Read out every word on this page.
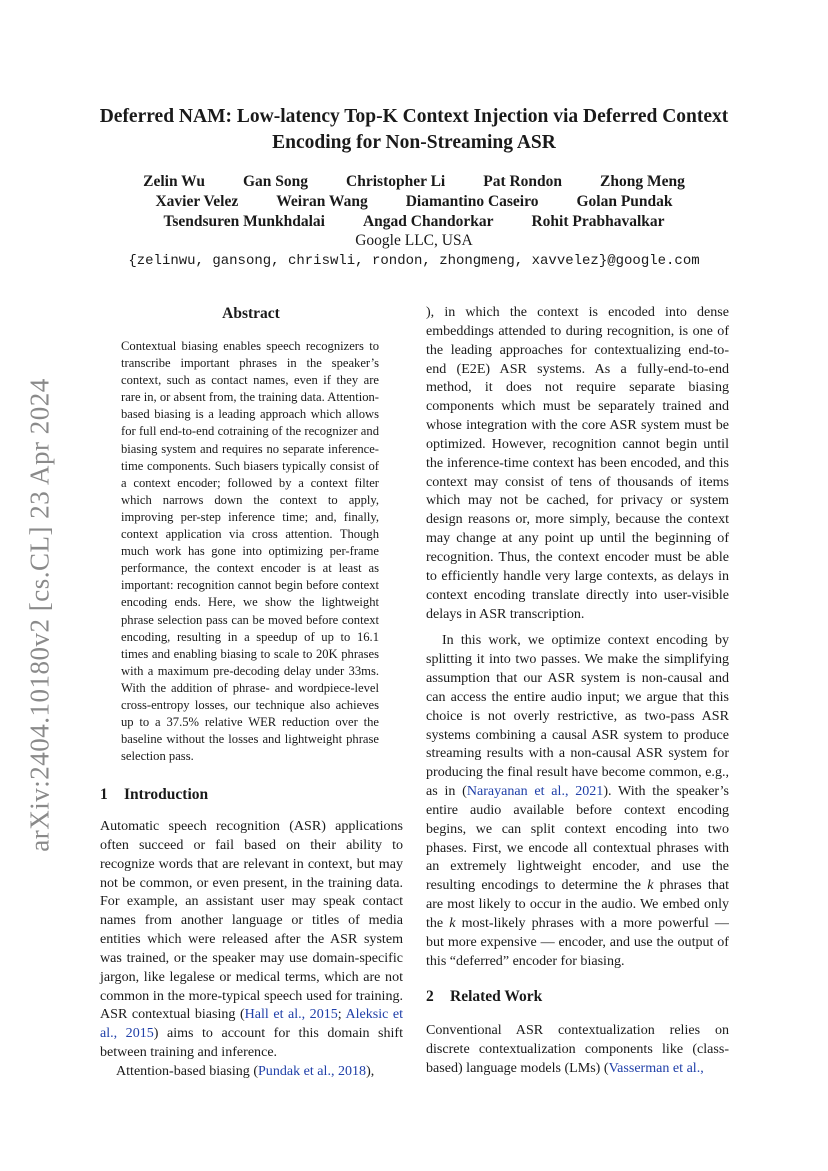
arXiv:2404.10180v2 [cs.CL] 23 Apr 2024
Deferred NAM: Low-latency Top-K Context Injection via Deferred Context
Encoding for Non-Streaming ASR
Zelin Wu Gan Song Christopher Li Pat Rondon Zhong Meng
Xavier Velez Weiran Wang Diamantino Caseiro Golan Pundak
Tsendsuren Munkhdalai Angad Chandorkar Rohit Prabhavalkar
Google LLC, USA
{zelinwu, gansong, chriswli, rondon, zhongmeng, xavvelez}@google.com
Abstract
Contextual biasing enables speech recognizers to transcribe important phrases in the speaker’s context, such as contact names, even if they are rare in, or absent from, the training data. Attention-based biasing is a leading approach which allows for full end-to-end cotraining of the recognizer and biasing system and requires no separate inference-time components. Such biasers typically consist of a context encoder; followed by a context filter which narrows down the context to apply, improving per-step inference time; and, finally, context application via cross attention. Though much work has gone into optimizing per-frame performance, the context encoder is at least as important: recognition cannot begin before context encoding ends. Here, we show the lightweight phrase selection pass can be moved before context encoding, resulting in a speedup of up to 16.1 times and enabling biasing to scale to 20K phrases with a maximum pre-decoding delay under 33ms. With the addition of phrase- and wordpiece-level cross-entropy losses, our technique also achieves up to a 37.5% relative WER reduction over the baseline without the losses and lightweight phrase selection pass.
1 Introduction

Automatic speech recognition (ASR) applications often succeed or fail based on their ability to recognize words that are relevant in context, but may not be common, or even present, in the training data. For example, an assistant user may speak contact names from another language or titles of media entities which were released after the ASR system was trained, or the speaker may use domain-specific jargon, like legalese or medical terms, which are not common in the more-typical speech used for training. ASR contextual biasing (Hall et al., 2015; Aleksic et al., 2015) aims to account for this domain shift between training and inference.

Attention-based biasing (Pundak et al., 2018),

), in which the context is encoded into dense embeddings attended to during recognition, is one of the leading approaches for contextualizing end-to-end (E2E) ASR systems. As a fully-end-to-end method, it does not require separate biasing components which must be separately trained and whose integration with the core ASR system must be optimized. However, recognition cannot begin until the inference-time context has been encoded, and this context may consist of tens of thousands of items which may not be cached, for privacy or system design reasons or, more simply, because the context may change at any point up until the beginning of recognition. Thus, the context encoder must be able to efficiently handle very large contexts, as delays in context encoding translate directly into user-visible delays in ASR transcription.

In this work, we optimize context encoding by splitting it into two passes. We make the simplifying assumption that our ASR system is non-causal and can access the entire audio input; we argue that this choice is not overly restrictive, as two-pass ASR systems combining a causal ASR system to produce streaming results with a non-causal ASR system for producing the final result have become common, e.g., as in (Narayanan et al., 2021). With the speaker’s entire audio available before context encoding begins, we can split context encoding into two phases. First, we encode all contextual phrases with an extremely lightweight encoder, and use the resulting encodings to determine the k phrases that are most likely to occur in the audio. We embed only the k most-likely phrases with a more powerful — but more expensive — encoder, and use the output of this “deferred” encoder for biasing.

2 Related Work

Conventional ASR contextualization relies on discrete contextualization components like (class-based) language models (LMs) (Vasserman et al.,
